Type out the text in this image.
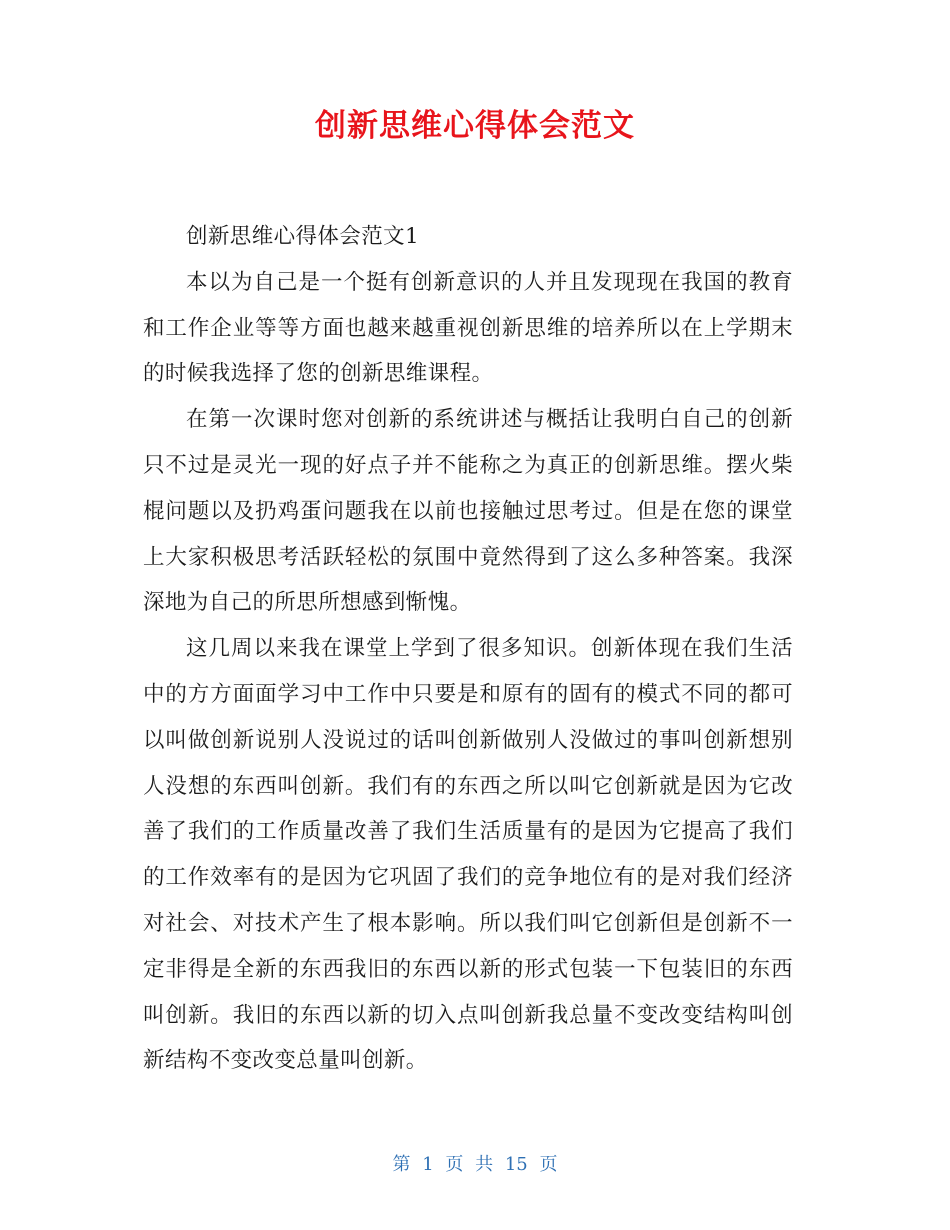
创新思维心得体会范文

创新思维心得体会范文1

本以为自己是一个挺有创新意识的人并且发现现在我国的教育和工作企业等等方面也越来越重视创新思维的培养所以在上学期末的时候我选择了您的创新思维课程。

在第一次课时您对创新的系统讲述与概括让我明白自己的创新只不过是灵光一现的好点子并不能称之为真正的创新思维。摆火柴棍问题以及扔鸡蛋问题我在以前也接触过思考过。但是在您的课堂上大家积极思考活跃轻松的氛围中竟然得到了这么多种答案。我深深地为自己的所思所想感到惭愧。

这几周以来我在课堂上学到了很多知识。创新体现在我们生活中的方方面面学习中工作中只要是和原有的固有的模式不同的都可以叫做创新说别人没说过的话叫创新做别人没做过的事叫创新想别人没想的东西叫创新。我们有的东西之所以叫它创新就是因为它改善了我们的工作质量改善了我们生活质量有的是因为它提高了我们的工作效率有的是因为它巩固了我们的竞争地位有的是对我们经济对社会、对技术产生了根本影响。所以我们叫它创新但是创新不一定非得是全新的东西我旧的东西以新的形式包装一下包装旧的东西叫创新。我旧的东西以新的切入点叫创新我总量不变改变结构叫创新结构不变改变总量叫创新。

第 1 页 共 15 页
